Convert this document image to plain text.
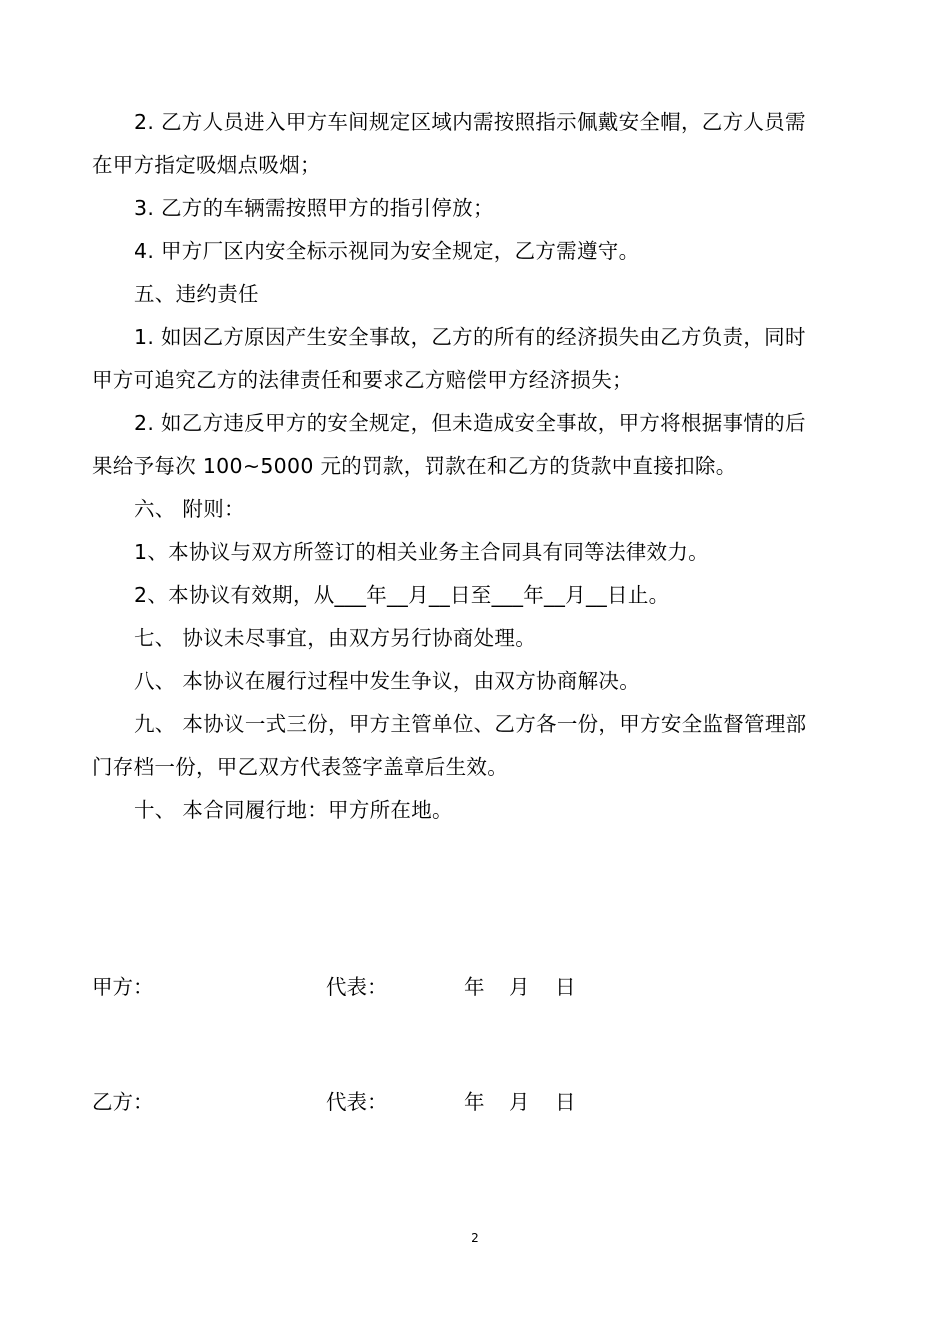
2. 乙方人员进入甲方车间规定区域内需按照指示佩戴安全帽，乙方人员需
在甲方指定吸烟点吸烟；
3. 乙方的车辆需按照甲方的指引停放；
4. 甲方厂区内安全标示视同为安全规定，乙方需遵守。
五、违约责任
1. 如因乙方原因产生安全事故，乙方的所有的经济损失由乙方负责，同时
甲方可追究乙方的法律责任和要求乙方赔偿甲方经济损失；
2. 如乙方违反甲方的安全规定，但未造成安全事故，甲方将根据事情的后
果给予每次 100~5000 元的罚款，罚款在和乙方的货款中直接扣除。
六、 附则：
1、本协议与双方所签订的相关业务主合同具有同等法律效力。
2、本协议有效期，从___年__月__日至___年__月__日止。
七、 协议未尽事宜，由双方另行协商处理。
八、 本协议在履行过程中发生争议，由双方协商解决。
九、 本协议一式三份，甲方主管单位、乙方各一份，甲方安全监督管理部
门存档一份，甲乙双方代表签字盖章后生效。
十、 本合同履行地：甲方所在地。
甲方：	代表：	年 月 日
乙方：	代表：	年 月 日
2
